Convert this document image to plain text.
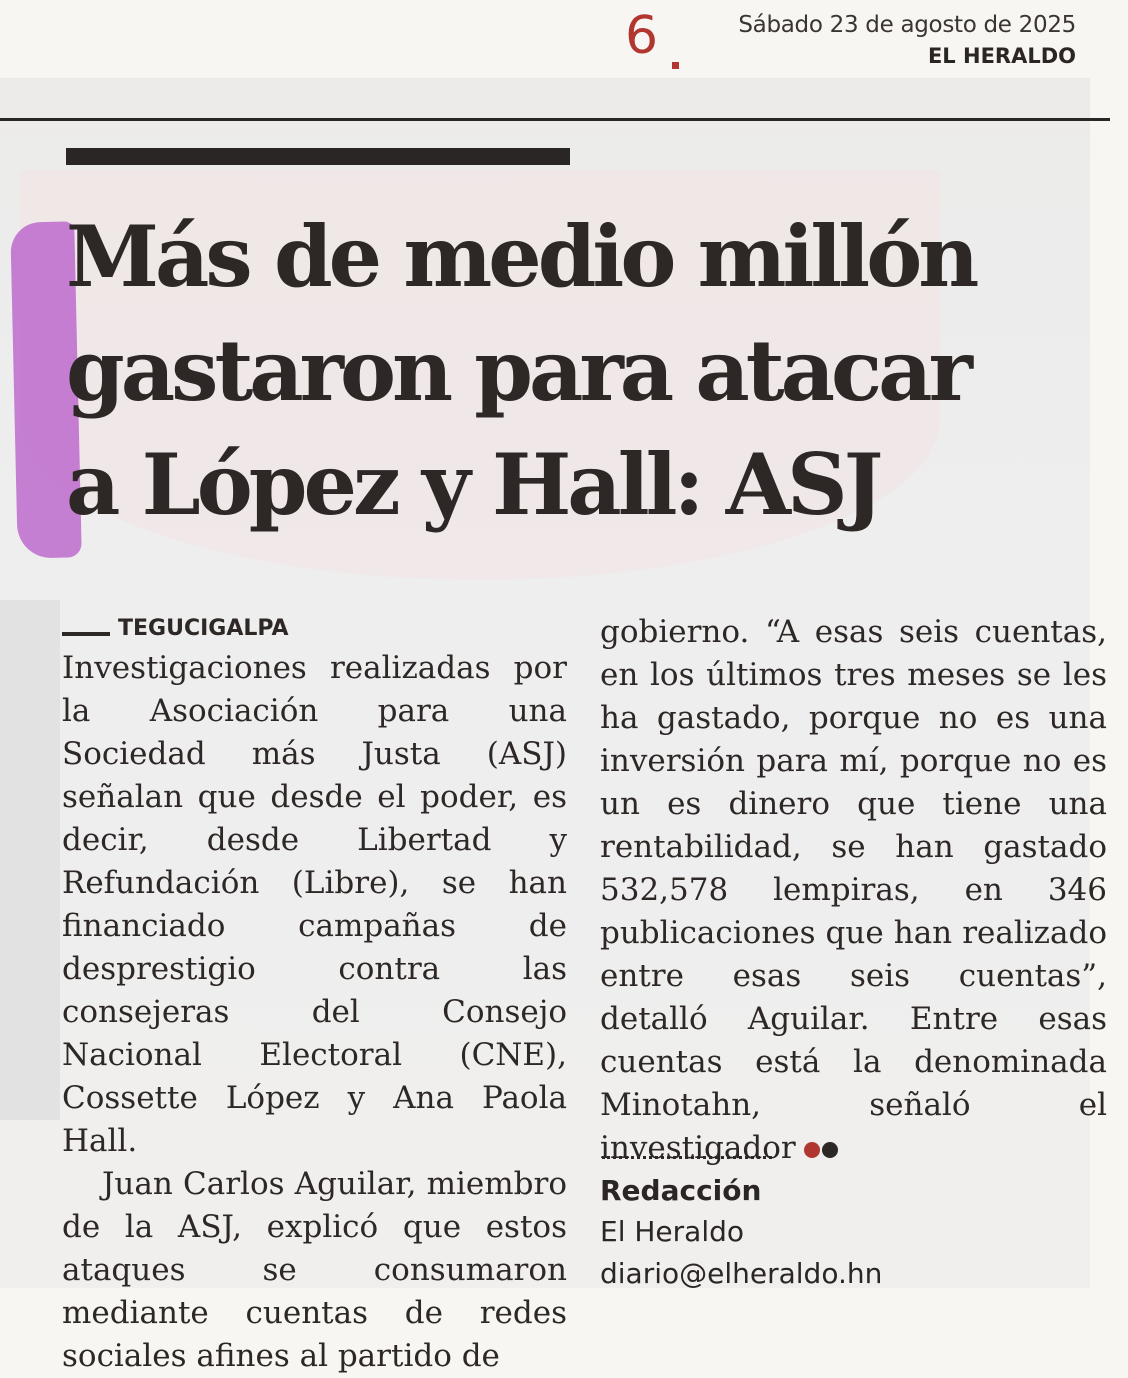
6	Sábado 23 de agosto de 2025
EL HERALDO
Más de medio millón
gastaron para atacar
a López y Hall: ASJ
TEGUCIGALPA

Investigaciones realizadas por la Asociación para una Sociedad más Justa (ASJ) señalan que desde el poder, es decir, desde Libertad y Refundación (Libre), se han financiado campañas de desprestigio contra las consejeras del Consejo Nacional Electoral (CNE), Cossette López y Ana Paola Hall.

Juan Carlos Aguilar, miembro de la ASJ, explicó que estos ataques se consumaron mediante cuentas de redes sociales afines al partido de

gobierno. “A esas seis cuentas, en los últimos tres meses se les ha gastado, porque no es una inversión para mí, porque no es un es dinero que tiene una rentabilidad, se han gastado 532,578 lempiras, en 346 publicaciones que han realizado entre esas seis cuentas”, detalló Aguilar. Entre esas cuentas está la denominada Minotahn, señaló el investigador

Redacción
El Heraldo
diario@elheraldo.hn
